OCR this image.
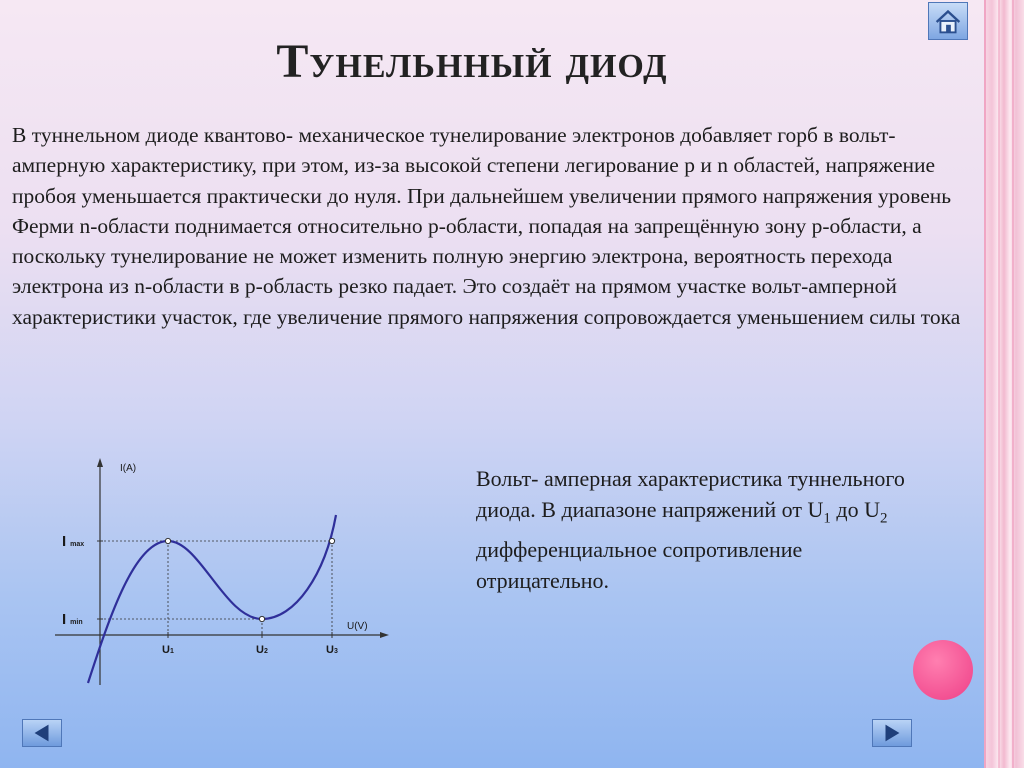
Тунельнный диод
В туннельном диоде квантово- механическое тунелирование электронов добавляет горб в вольт- амперную характеристику, при этом, из-за высокой степени легирование p и n областей, напряжение пробоя уменьшается практически до нуля. При дальнейшем увеличении прямого напряжения уровень Ферми n-области поднимается относительно p-области, попадая на запрещённую зону p-области, а поскольку тунелирование не может изменить полную энергию электрона, вероятность перехода электрона из n-области в p-область резко падает. Это создаёт на прямом участке вольт-амперной характеристики участок, где увеличение прямого напряжения сопровождается уменьшением силы тока
I(A)
U(V)
Imax
Imin
U1	U2	U3
Вольт- амперная характеристика туннельного диода. В диапазоне напряжений от $U_1$ до $U_2$ дифференциальное сопротивление отрицательно.
